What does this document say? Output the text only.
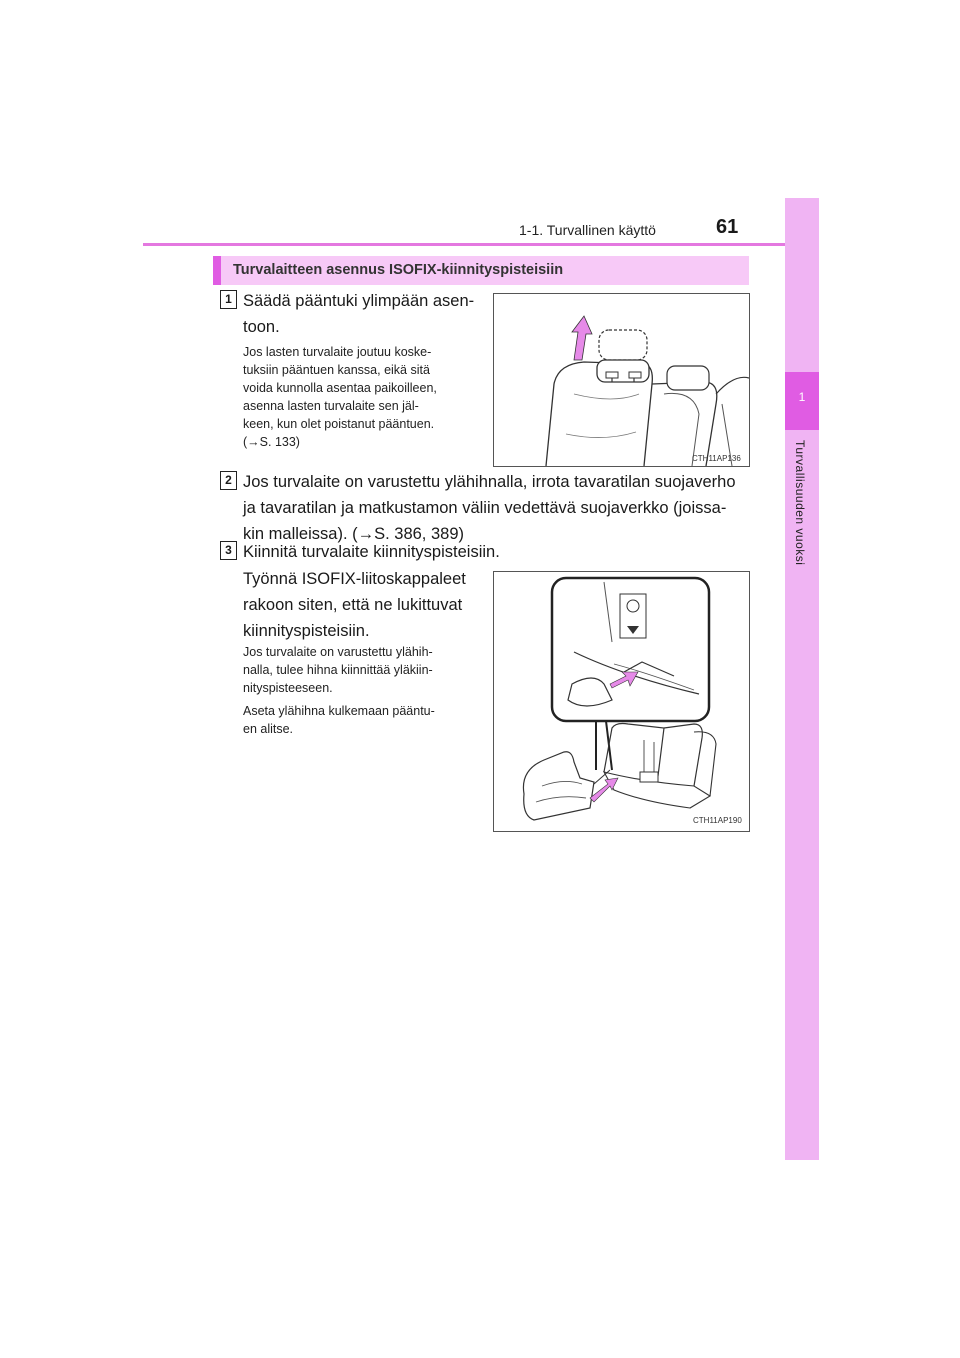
1-1. Turvallinen käyttö	61
1
Turvallisuuden vuoksi
Turvalaitteen asennus ISOFIX-kiinnityspisteisiin
1 Säädä pääntuki ylimpään asen-
toon.
Jos lasten turvalaite joutuu koske-
tuksiin pääntuen kanssa, eikä sitä
voida kunnolla asentaa paikoilleen,
asenna lasten turvalaite sen jäl-
keen, kun olet poistanut pääntuen.
(→S. 133)
CTH11AP136
2 Jos turvalaite on varustettu ylähihnalla, irrota tavaratilan suojaverho
ja tavaratilan ja matkustamon väliin vedettävä suojaverkko (joissa-
kin malleissa). (→S. 386, 389)
3 Kiinnitä turvalaite kiinnityspisteisiin.
Työnnä ISOFIX-liitoskappaleet
rakoon siten, että ne lukittuvat
kiinnityspisteisiin.
Jos turvalaite on varustettu ylähih-
nalla, tulee hihna kiinnittää yläkiin-
nityspisteeseen.
Aseta ylähihna kulkemaan pääntu-
en alitse.
CTH11AP190
